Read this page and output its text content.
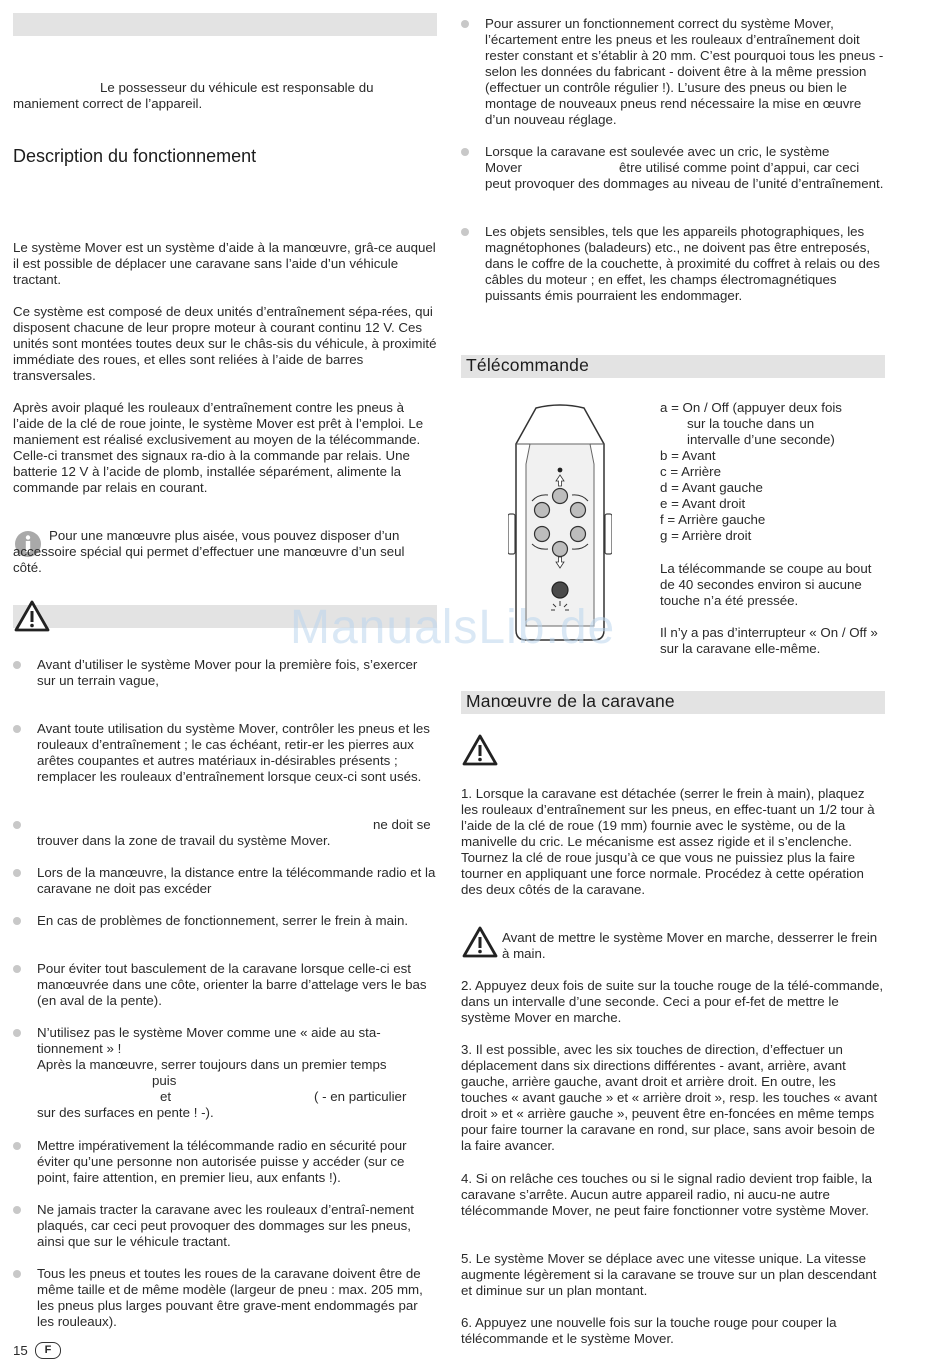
Le possesseur du véhicule est responsable du maniement correct de l’appareil.

Description du fonctionnement

Le système Mover est un système d’aide à la manœuvre, grâ-ce auquel il est possible de déplacer une caravane sans l’aide d’un véhicule tractant.

Ce système est composé de deux unités d’entraînement sépa-rées, qui disposent chacune de leur propre moteur à courant continu 12 V. Ces unités sont montées toutes deux sur le châs-sis du véhicule, à proximité immédiate des roues, et elles sont reliées à l’aide de barres transversales.

Après avoir plaqué les rouleaux d’entraînement contre les pneus à l’aide de la clé de roue jointe, le système Mover est prêt à l’emploi. Le maniement est réalisé exclusivement au moyen de la télécommande. Celle-ci transmet des signaux ra-dio à la commande par relais. Une batterie 12 V à l’acide de plomb, installée séparément, alimente la commande par relais en courant.

Pour une manœuvre plus aisée, vous pouvez disposer d’un accessoire spécial qui permet d’effectuer une manœuvre d’un seul côté.

Avant d’utiliser le système Mover pour la première fois, s’exercer sur un terrain vague,
Avant toute utilisation du système Mover, contrôler les pneus et les rouleaux d’entraînement ; le cas échéant, retir-er les pierres aux arêtes coupantes et autres matériaux in-désirables présents ; remplacer les rouleaux d’entraînement lorsque ceux-ci sont usés.
ne doit se trouver dans la zone de travail du système Mover.
Lors de la manœuvre, la distance entre la télécommande radio et la caravane ne doit pas excéder
En cas de problèmes de fonctionnement, serrer le frein à main.
Pour éviter tout basculement de la caravane lorsque celle-ci est manœuvrée dans une côte, orienter la barre d’attelage vers le bas (en aval de la pente).
N’utilisez pas le système Mover comme une « aide au sta-tionnement » !

Après la manœuvre, serrer toujours dans un premier temps

puis

et	( - en particulier

sur des surfaces en pente ! -).

Mettre impérativement la télécommande radio en sécurité pour éviter qu’une personne non autorisée puisse y accéder (sur ce point, faire attention, en premier lieu, aux enfants !).
Ne jamais tracter la caravane avec les rouleaux d’entraî-nement plaqués, car ceci peut provoquer des dommages sur les pneus, ainsi que sur le véhicule tractant.
Tous les pneus et toutes les roues de la caravane doivent être de même taille et de même modèle (largeur de pneu : max. 205 mm, les pneus plus larges pouvant être grave-ment endommagés par les rouleaux).
Pour assurer un fonctionnement correct du système Mover, l’écartement entre les pneus et les rouleaux d’entraînement doit rester constant et s’établir à 20 mm. C’est pourquoi tous les pneus - selon les données du fabricant - doivent être à la même pression (effectuer un contrôle régulier !). L’usure des pneus ou bien le montage de nouveaux pneus rend nécessaire la mise en œuvre d’un nouveau réglage.
Lorsque la caravane est soulevée avec un cric, le système

Mover	être utilisé comme point d’appui, car ceci peut provoquer des dommages au niveau de l’unité d’entraînement.

Les objets sensibles, tels que les appareils photographiques, les magnétophones (baladeurs) etc., ne doivent pas être entreposés, dans le coffre de la couchette, à proximité du coffret à relais ou des câbles du moteur ; en effet, les champs électromagnétiques puissants émis pourraient les endommager.
Télécommande
a = On / Off (appuyer deux fois
sur la touche dans un
intervalle d’une seconde)
b = Avant
c = Arrière
d = Avant gauche
e = Avant droit
f = Arrière gauche
g = Arrière droit

La télécommande se coupe au bout de 40 secondes environ si aucune touche n’a été pressée.

Il n’y a pas d’interrupteur « On / Off » sur la caravane elle-même.

Manœuvre de la caravane

1. Lorsque la caravane est détachée (serrer le frein à main), plaquez les rouleaux d’entraînement sur les pneus, en effec-tuant un 1/2 tour à l’aide de la clé de roue (19 mm) fournie avec le système, ou de la manivelle du cric. Le mécanisme est assez rigide et il s’enclenche. Tournez la clé de roue jusqu’à ce que vous ne puissiez plus la faire tourner en appliquant une force normale. Procédez à cette opération des deux côtés de la caravane.

Avant de mettre le système Mover en marche, desserrer le frein à main.

2. Appuyez deux fois de suite sur la touche rouge de la télé-commande, dans un intervalle d’une seconde. Ceci a pour ef-fet de mettre le système Mover en marche.

3. Il est possible, avec les six touches de direction, d’effectuer un déplacement dans six directions différentes - avant, arrière, avant gauche, arrière gauche, avant droit et arrière droit. En outre, les touches « avant gauche » et « arrière droit », resp. les touches « avant droit » et « arrière gauche », peuvent être en-foncées en même temps pour faire tourner la caravane en rond, sur place, sans avoir besoin de la faire avancer.

4. Si on relâche ces touches ou si le signal radio devient trop faible, la caravane s’arrête. Aucun autre appareil radio, ni aucu-ne autre télécommande Mover, ne peut faire fonctionner votre système Mover.

5. Le système Mover se déplace avec une vitesse unique. La vitesse augmente légèrement si la caravane se trouve sur un plan descendant et diminue sur un plan montant.

6. Appuyez une nouvelle fois sur la touche rouge pour couper la télécommande et le système Mover.

ManualsLib.de
15	F
